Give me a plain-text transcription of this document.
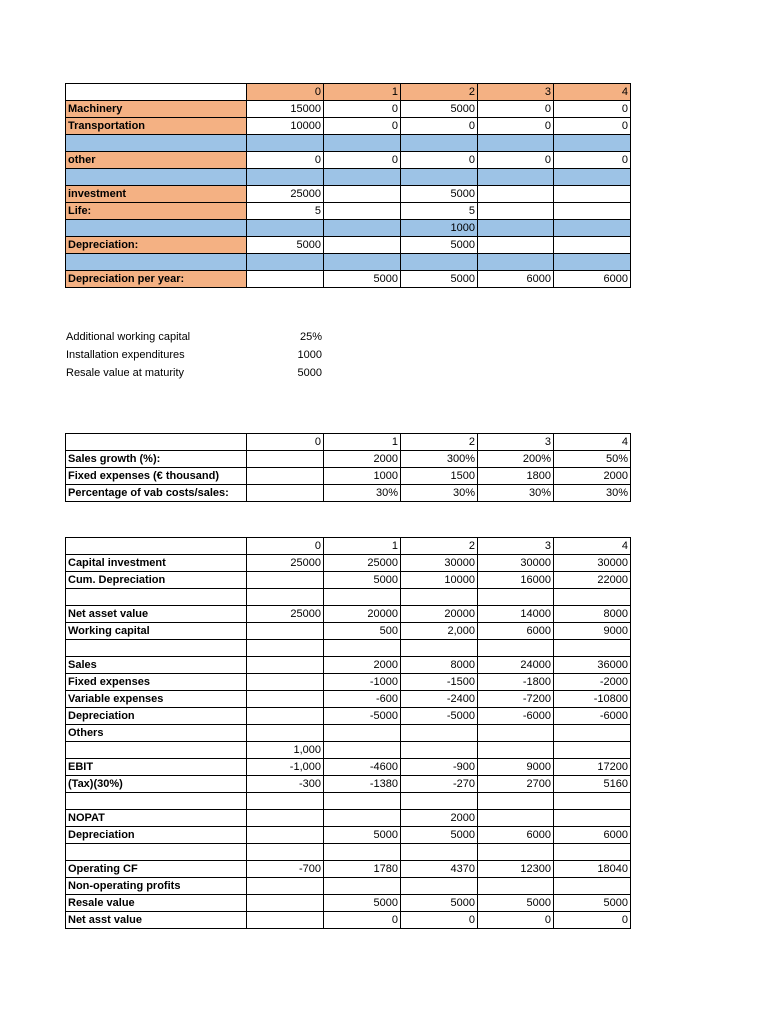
	0	1	2	3	4
Machinery	15000	0	5000	0	0
Transportation	10000	0	0	0	0

other	0	0	0	0	0

investment	25000		5000		
Life:	5		5		
			1000		
Depreciation:	5000		5000		

Depreciation per year:		5000	5000	6000	6000
Additional working capital	25%
Installation expenditures	1000
Resale value at maturity	5000
	0	1	2	3	4
Sales growth (%):		2000	300%	200%	50%
Fixed expenses (€ thousand)		1000	1500	1800	2000
Percentage of vab costs/sales:		30%	30%	30%	30%
	0	1	2	3	4
Capital investment	25000	25000	30000	30000	30000
Cum. Depreciation		5000	10000	16000	22000

Net asset value	25000	20000	20000	14000	8000
Working capital		500	2,000	6000	9000

Sales		2000	8000	24000	36000
Fixed expenses		-1000	-1500	-1800	-2000
Variable expenses		-600	-2400	-7200	-10800
Depreciation		-5000	-5000	-6000	-6000
Others					
	1,000				
EBIT	-1,000	-4600	-900	9000	17200
(Tax)(30%)	-300	-1380	-270	2700	5160

NOPAT			2000		
Depreciation		5000	5000	6000	6000

Operating CF	-700	1780	4370	12300	18040
Non-operating profits					
Resale value		5000	5000	5000	5000
Net asst value		0	0	0	0
